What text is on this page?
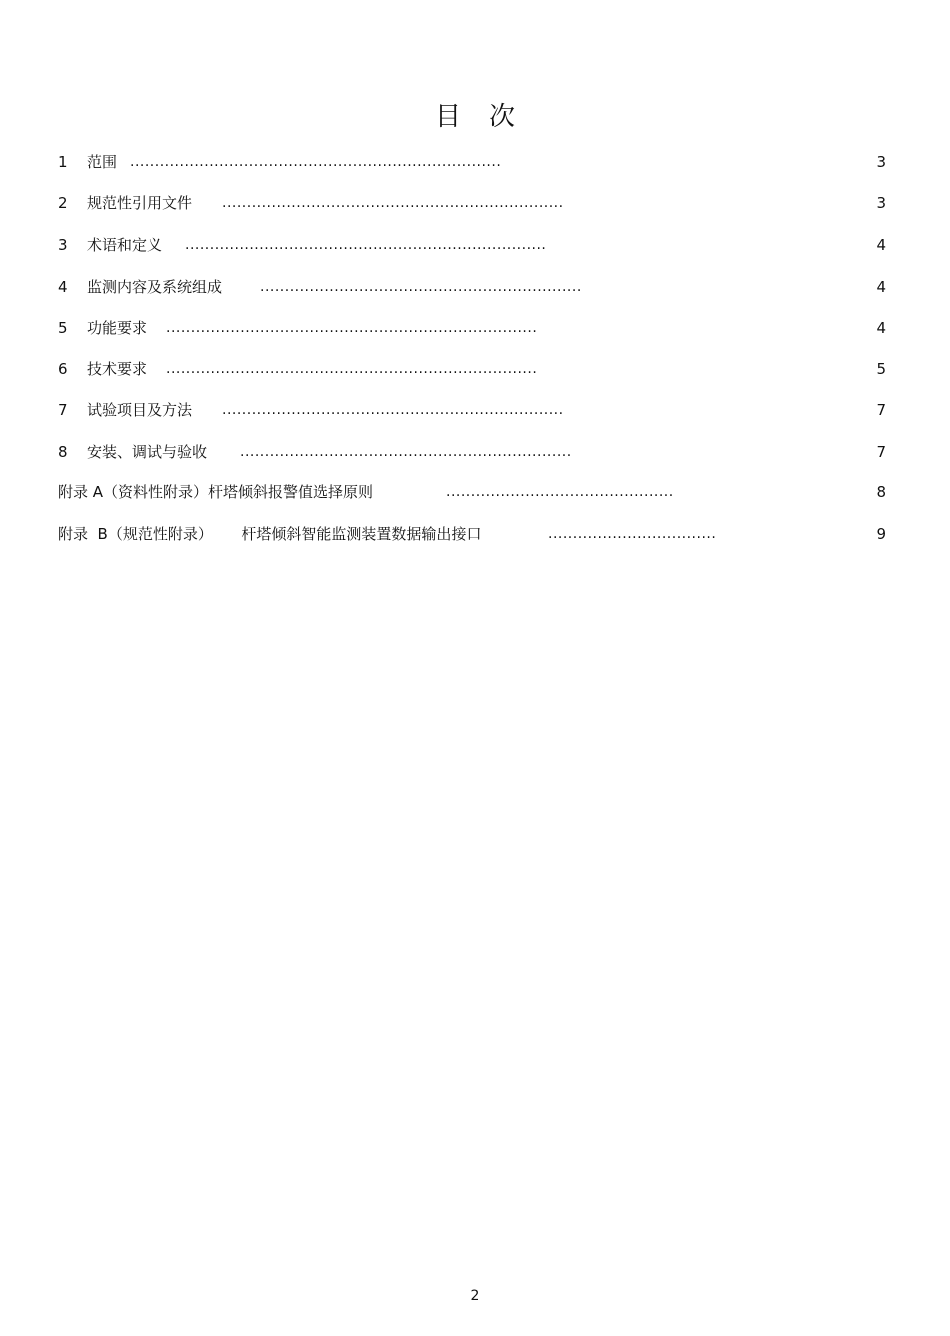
目 次
1 范围 ...........................................................................	3
2 规范性引用文件 .....................................................................	3
3 术语和定义 .........................................................................	4
4 监测内容及系统组成	.................................................................	4
5 功能要求 ...........................................................................	4
6 技术要求 ...........................................................................	5
7 试验项目及方法 .....................................................................	7
8 安装、调试与验收 ...................................................................	7
附录 A（资料性附录）杆塔倾斜报警值选择原则	..............................................	8
附录  B（规范性附录）      杆塔倾斜智能监测装置数据输出接口	..................................	9
2
